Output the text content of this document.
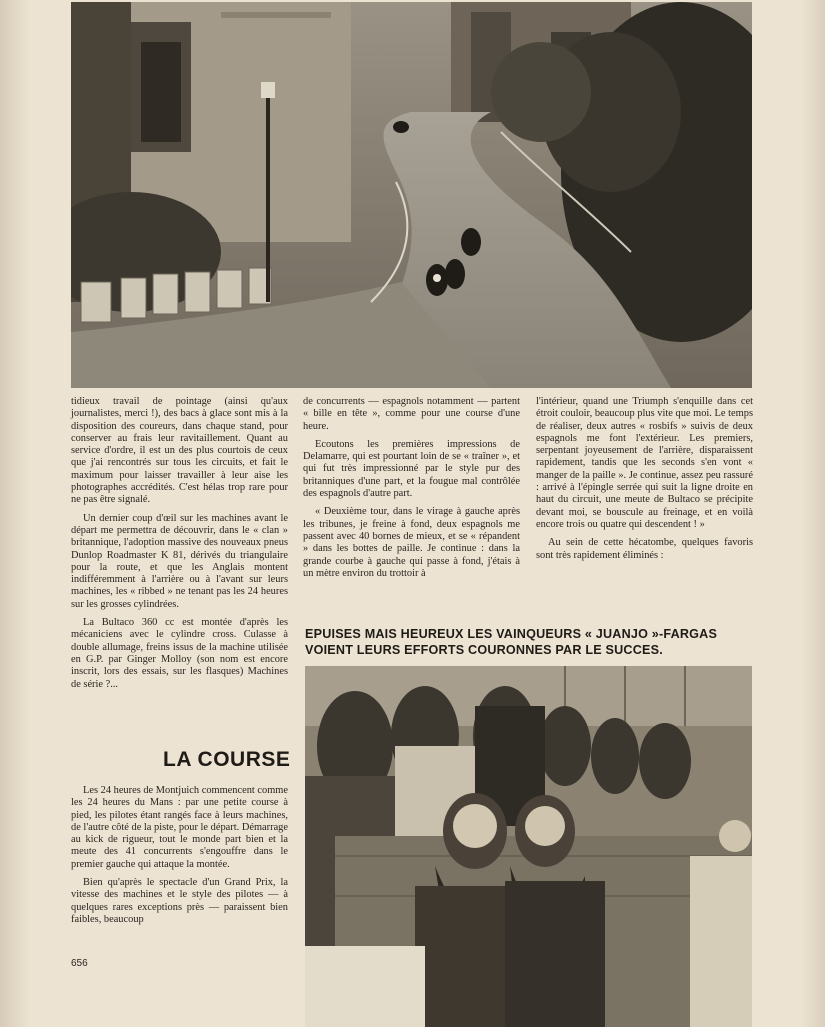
tidieux travail de pointage (ainsi qu'aux journalistes, merci !), des bacs à glace sont mis à la disposition des coureurs, dans chaque stand, pour conserver au frais leur ravitaillement. Quant au service d'ordre, il est un des plus courtois de ceux que j'ai rencontrés sur tous les circuits, et fait le maximum pour laisser travailler à leur aise les photographes accrédités. C'est hélas trop rare pour ne pas être signalé.

Un dernier coup d'œil sur les machines avant le départ me permettra de découvrir, dans le « clan » britannique, l'adoption massive des nouveaux pneus Dunlop Roadmaster K 81, dérivés du triangulaire pour la route, et que les Anglais montent indifféremment à l'arrière ou à l'avant sur leurs machines, les « ribbed » ne tenant pas les 24 heures sur les grosses cylindrées.

La Bultaco 360 cc est montée d'après les mécaniciens avec le cylindre cross. Culasse à double allumage, freins issus de la machine utilisée en G.P. par Ginger Molloy (son nom est encore inscrit, lors des essais, sur les flasques) Machines de série ?...

LA COURSE

Les 24 heures de Montjuich commencent comme les 24 heures du Mans : par une petite course à pied, les pilotes étant rangés face à leurs machines, de l'autre côté de la piste, pour le départ. Démarrage au kick de rigueur, tout le monde part bien et la meute des 41 concurrents s'engouffre dans le premier gauche qui attaque la montée.

Bien qu'après le spectacle d'un Grand Prix, la vitesse des machines et le style des pilotes — à quelques rares exceptions près — paraissent bien faibles, beaucoup

de concurrents — espagnols notamment — partent « bille en tête », comme pour une course d'une heure.

Ecoutons les premières impressions de Delamarre, qui est pourtant loin de se « traîner », et qui fut très impressionné par le style pur des britanniques d'une part, et la fougue mal contrôlée des espagnols d'autre part.

« Deuxième tour, dans le virage à gauche après les tribunes, je freine à fond, deux espagnols me passent avec 40 bornes de mieux, et se « répandent » dans les bottes de paille. Je continue : dans la grande courbe à gauche qui passe à fond, j'étais à un mètre environ du trottoir à

l'intérieur, quand une Triumph s'enquille dans cet étroit couloir, beaucoup plus vite que moi. Le temps de réaliser, deux autres « rosbifs » suivis de deux espagnols me font l'extérieur. Les premiers, serpentant joyeusement de l'arrière, disparaissent rapidement, tandis que les seconds s'en vont « manger de la paille ». Je continue, assez peu rassuré : arrivé à l'épingle serrée qui suit la ligne droite en haut du circuit, une meute de Bultaco se précipite devant moi, se bouscule au freinage, et en voilà encore trois ou quatre qui descendent ! »

Au sein de cette hécatombe, quelques favoris sont très rapidement éliminés :

EPUISES MAIS HEUREUX LES VAINQUEURS « JUANJO »-FARGAS VOIENT LEURS EFFORTS COURONNES PAR LE SUCCES.
656
